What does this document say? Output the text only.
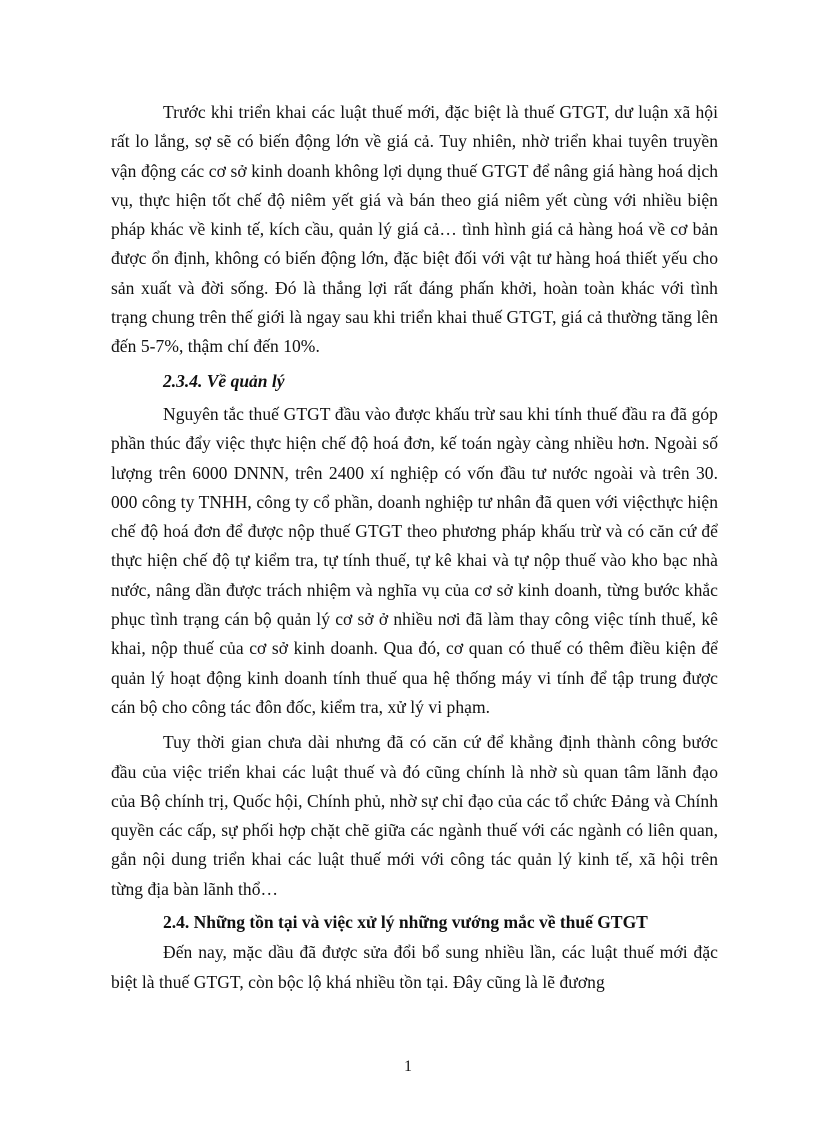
Trước khi triển khai các luật thuế mới, đặc biệt là thuế GTGT, dư luận xã hội rất lo lắng, sợ sẽ có biến động lớn về giá cả. Tuy nhiên, nhờ triển khai tuyên truyền vận động các cơ sở kinh doanh không lợi dụng thuế GTGT để nâng giá hàng hoá dịch vụ, thực hiện tốt chế độ niêm yết giá và bán theo giá niêm yết cùng với nhiều biện pháp khác về kinh tế, kích cầu, quản lý giá cả… tình hình giá cả hàng hoá về cơ bản được ổn định, không có biến động lớn, đặc biệt đối với vật tư hàng hoá thiết yếu cho sản xuất và đời sống. Đó là thắng lợi rất đáng phấn khởi, hoàn toàn khác với tình trạng chung trên thế giới là ngay sau khi triển khai thuế GTGT, giá cả thường tăng lên đến 5-7%, thậm chí đến 10%.

2.3.4. Về quản lý

Nguyên tắc thuế GTGT đầu vào được khấu trừ sau khi tính thuế đầu ra đã góp phần thúc đẩy việc thực hiện chế độ hoá đơn, kế toán ngày càng nhiều hơn. Ngoài số lượng trên 6000 DNNN, trên 2400 xí nghiệp có vốn đầu tư nước ngoài và trên 30. 000 công ty TNHH, công ty cổ phần, doanh nghiệp tư nhân đã quen với việcthực hiện chế độ hoá đơn để được nộp thuế GTGT theo phương pháp khấu trừ và có căn cứ để thực hiện chế độ tự kiểm tra, tự tính thuế, tự kê khai và tự nộp thuế vào kho bạc nhà nước, nâng dần được trách nhiệm và nghĩa vụ của cơ sở kinh doanh, từng bước khắc phục tình trạng cán bộ quản lý cơ sở ở nhiều nơi đã làm thay công việc tính thuế, kê khai, nộp thuế của cơ sở kinh doanh. Qua đó, cơ quan có thuế có thêm điều kiện để quản lý hoạt động kinh doanh tính thuế qua hệ thống máy vi tính để tập trung được cán bộ cho công tác đôn đốc, kiểm tra, xử lý vi phạm.

Tuy thời gian chưa dài nhưng đã có căn cứ để khẳng định thành công bước đầu của việc triển khai các luật thuế và đó cũng chính là nhờ sù quan tâm lãnh đạo của Bộ chính trị, Quốc hội, Chính phủ, nhờ sự chỉ đạo của các tổ chức Đảng và Chính quyền các cấp, sự phối hợp chặt chẽ giữa các ngành thuế với các ngành có liên quan, gắn nội dung triển khai các luật thuế mới với công tác quản lý kinh tế, xã hội trên từng địa bàn lãnh thổ…

2.4. Những tồn tại và việc xử lý những vướng mắc về thuế GTGT

Đến nay, mặc dầu đã được sửa đổi bổ sung nhiều lần, các luật thuế mới đặc biệt là thuế GTGT, còn bộc lộ khá nhiều tồn tại. Đây cũng là lẽ đương

1
